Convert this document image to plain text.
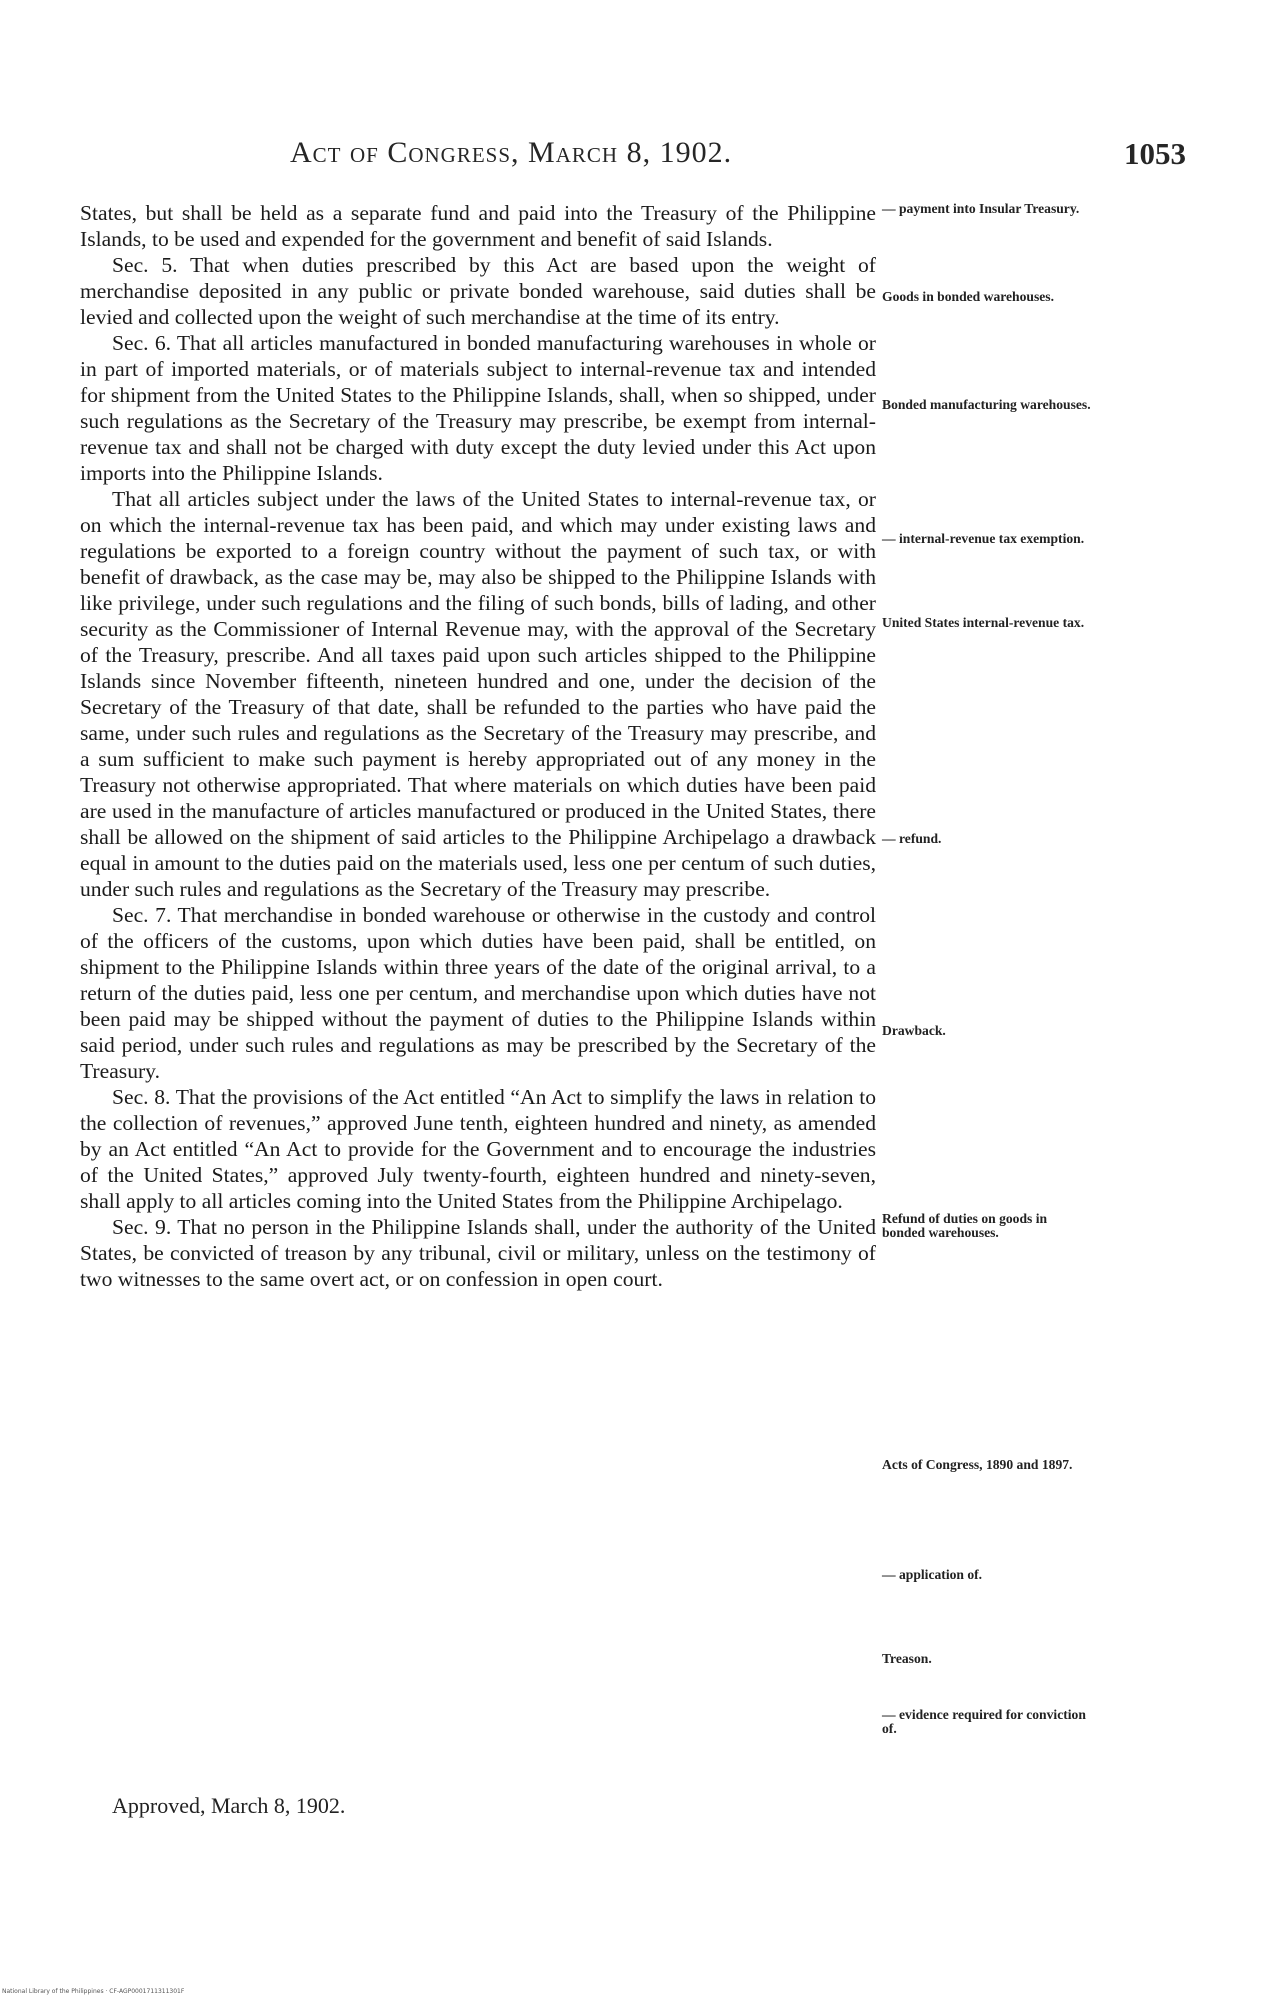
Act of Congress, March 8, 1902.	1053

States, but shall be held as a separate fund and paid into the Treasury of the Philippine Islands, to be used and expended for the government and benefit of said Islands.

Sec. 5. That when duties prescribed by this Act are based upon the weight of merchandise deposited in any public or private bonded warehouse, said duties shall be levied and collected upon the weight of such merchandise at the time of its entry.

Sec. 6. That all articles manufactured in bonded manufacturing warehouses in whole or in part of imported materials, or of materials subject to internal-revenue tax and intended for shipment from the United States to the Philippine Islands, shall, when so shipped, under such regulations as the Secretary of the Treasury may prescribe, be exempt from internal-revenue tax and shall not be charged with duty except the duty levied under this Act upon imports into the Philippine Islands.

That all articles subject under the laws of the United States to internal-revenue tax, or on which the internal-revenue tax has been paid, and which may under existing laws and regulations be exported to a foreign country without the payment of such tax, or with benefit of drawback, as the case may be, may also be shipped to the Philippine Islands with like privilege, under such regulations and the filing of such bonds, bills of lading, and other security as the Commissioner of Internal Revenue may, with the approval of the Secretary of the Treasury, prescribe. And all taxes paid upon such articles shipped to the Philippine Islands since November fifteenth, nineteen hundred and one, under the decision of the Secretary of the Treasury of that date, shall be refunded to the parties who have paid the same, under such rules and regulations as the Secretary of the Treasury may prescribe, and a sum sufficient to make such payment is hereby appropriated out of any money in the Treasury not otherwise appropriated. That where materials on which duties have been paid are used in the manufacture of articles manufactured or produced in the United States, there shall be allowed on the shipment of said articles to the Philippine Archipelago a drawback equal in amount to the duties paid on the materials used, less one per centum of such duties, under such rules and regulations as the Secretary of the Treasury may prescribe.

Sec. 7. That merchandise in bonded warehouse or otherwise in the custody and control of the officers of the customs, upon which duties have been paid, shall be entitled, on shipment to the Philippine Islands within three years of the date of the original arrival, to a return of the duties paid, less one per centum, and merchandise upon which duties have not been paid may be shipped without the payment of duties to the Philippine Islands within said period, under such rules and regulations as may be prescribed by the Secretary of the Treasury.

Sec. 8. That the provisions of the Act entitled “An Act to simplify the laws in relation to the collection of revenues,” approved June tenth, eighteen hundred and ninety, as amended by an Act entitled “An Act to provide for the Government and to encourage the industries of the United States,” approved July twenty-fourth, eighteen hundred and ninety-seven, shall apply to all articles coming into the United States from the Philippine Archipelago.

Sec. 9. That no person in the Philippine Islands shall, under the authority of the United States, be convicted of treason by any tribunal, civil or military, unless on the testimony of two witnesses to the same overt act, or on confession in open court.

Approved, March 8, 1902.
— payment into Insular Treasury.
Goods in bonded warehouses.
Bonded manufacturing warehouses.
— internal-revenue tax exemption.
United States internal-revenue tax.
— refund.
Drawback.
Refund of duties on goods in bonded warehouses.
Acts of Congress, 1890 and 1897.
— application of.
Treason.
— evidence required for conviction of.
National Library of the Philippines · CF-AGP0001711311301F
